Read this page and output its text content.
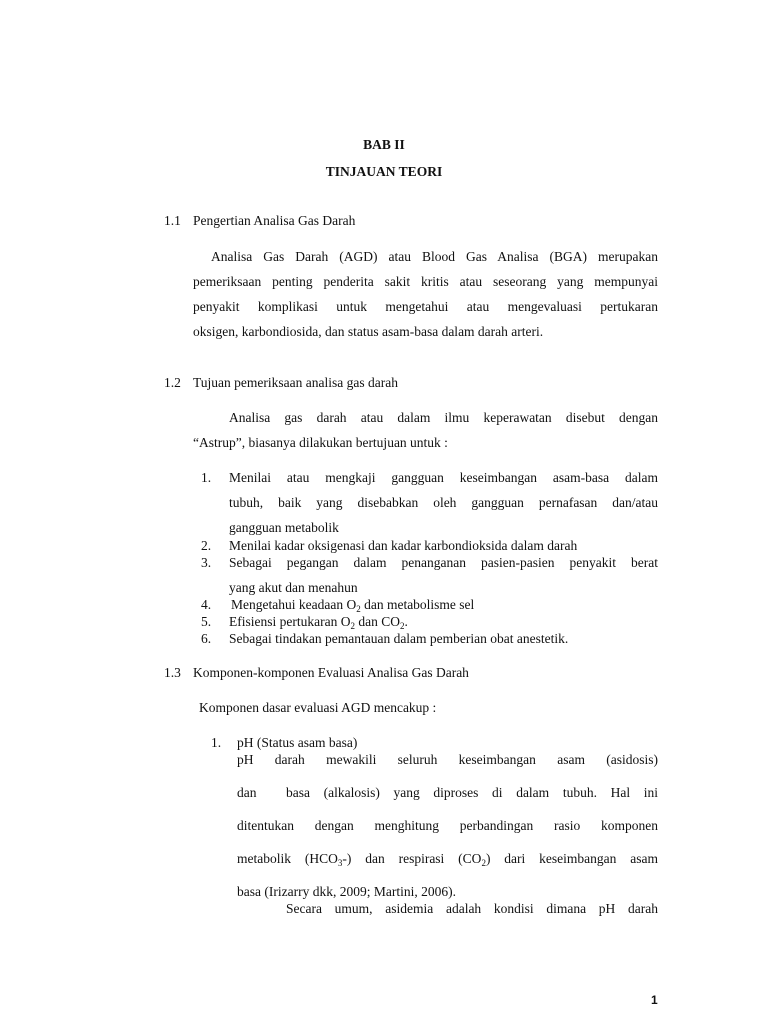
BAB II
TINJAUAN TEORI
1.1 Pengertian Analisa Gas Darah
Analisa Gas Darah (AGD) atau Blood Gas Analisa (BGA) merupakan
pemeriksaan penting penderita sakit kritis atau seseorang yang mempunyai
penyakit komplikasi untuk mengetahui atau mengevaluasi pertukaran
oksigen, karbondiosida, dan status asam-basa dalam darah arteri.
1.2 Tujuan pemeriksaan analisa gas darah
Analisa gas darah atau dalam ilmu keperawatan disebut dengan
“Astrup”, biasanya dilakukan bertujuan untuk :
1. Menilai atau mengkaji gangguan keseimbangan asam-basa dalam
tubuh, baik yang disebabkan oleh gangguan pernafasan dan/atau
gangguan metabolik
2. Menilai kadar oksigenasi dan kadar karbondioksida dalam darah
3. Sebagai pegangan dalam penanganan pasien-pasien penyakit berat
yang akut dan menahun
4. Mengetahui keadaan $O_2$ dan metabolisme sel
5. Efisiensi pertukaran $O_2$ dan $CO_2$.
6. Sebagai tindakan pemantauan dalam pemberian obat anestetik.
1.3 Komponen-komponen Evaluasi Analisa Gas Darah
Komponen dasar evaluasi AGD mencakup :
1. pH (Status asam basa)
pH darah mewakili seluruh keseimbangan asam (asidosis)
dan basa (alkalosis) yang diproses di dalam tubuh. Hal ini
ditentukan dengan menghitung perbandingan rasio komponen
metabolik $(HCO_3-)$ dan respirasi $(CO_2)$ dari keseimbangan asam
basa (Irizarry dkk, 2009; Martini, 2006).
Secara umum, asidemia adalah kondisi dimana pH darah
1
